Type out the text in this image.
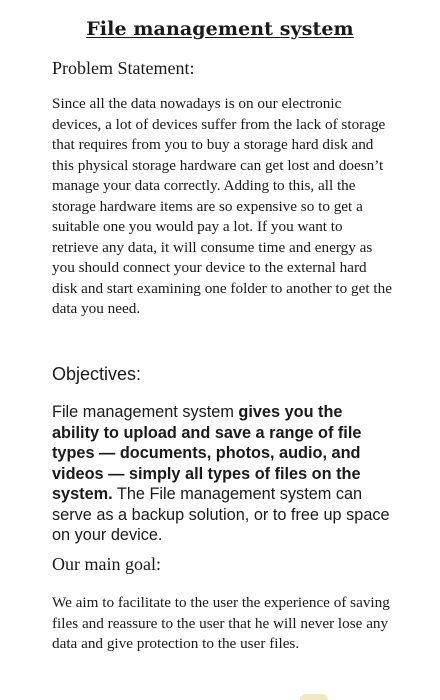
File management system
Problem Statement:

Since all the data nowadays is on our electronic devices, a lot of devices suffer from the lack of storage that requires from you to buy a storage hard disk and this physical storage hardware can get lost and doesn’t manage your data correctly. Adding to this, all the storage hardware items are so expensive so to get a suitable one you would pay a lot. If you want to retrieve any data, it will consume time and energy as you should connect your device to the external hard disk and start examining one folder to another to get the data you need.

Objectives:

File management system gives you the ability to upload and save a range of file types — documents, photos, audio, and videos — simply all types of files on the system. The File management system can serve as a backup solution, or to free up space on your device.

Our main goal:

We aim to facilitate to the user the experience of saving files and reassure to the user that he will never lose any data and give protection to the user files.
